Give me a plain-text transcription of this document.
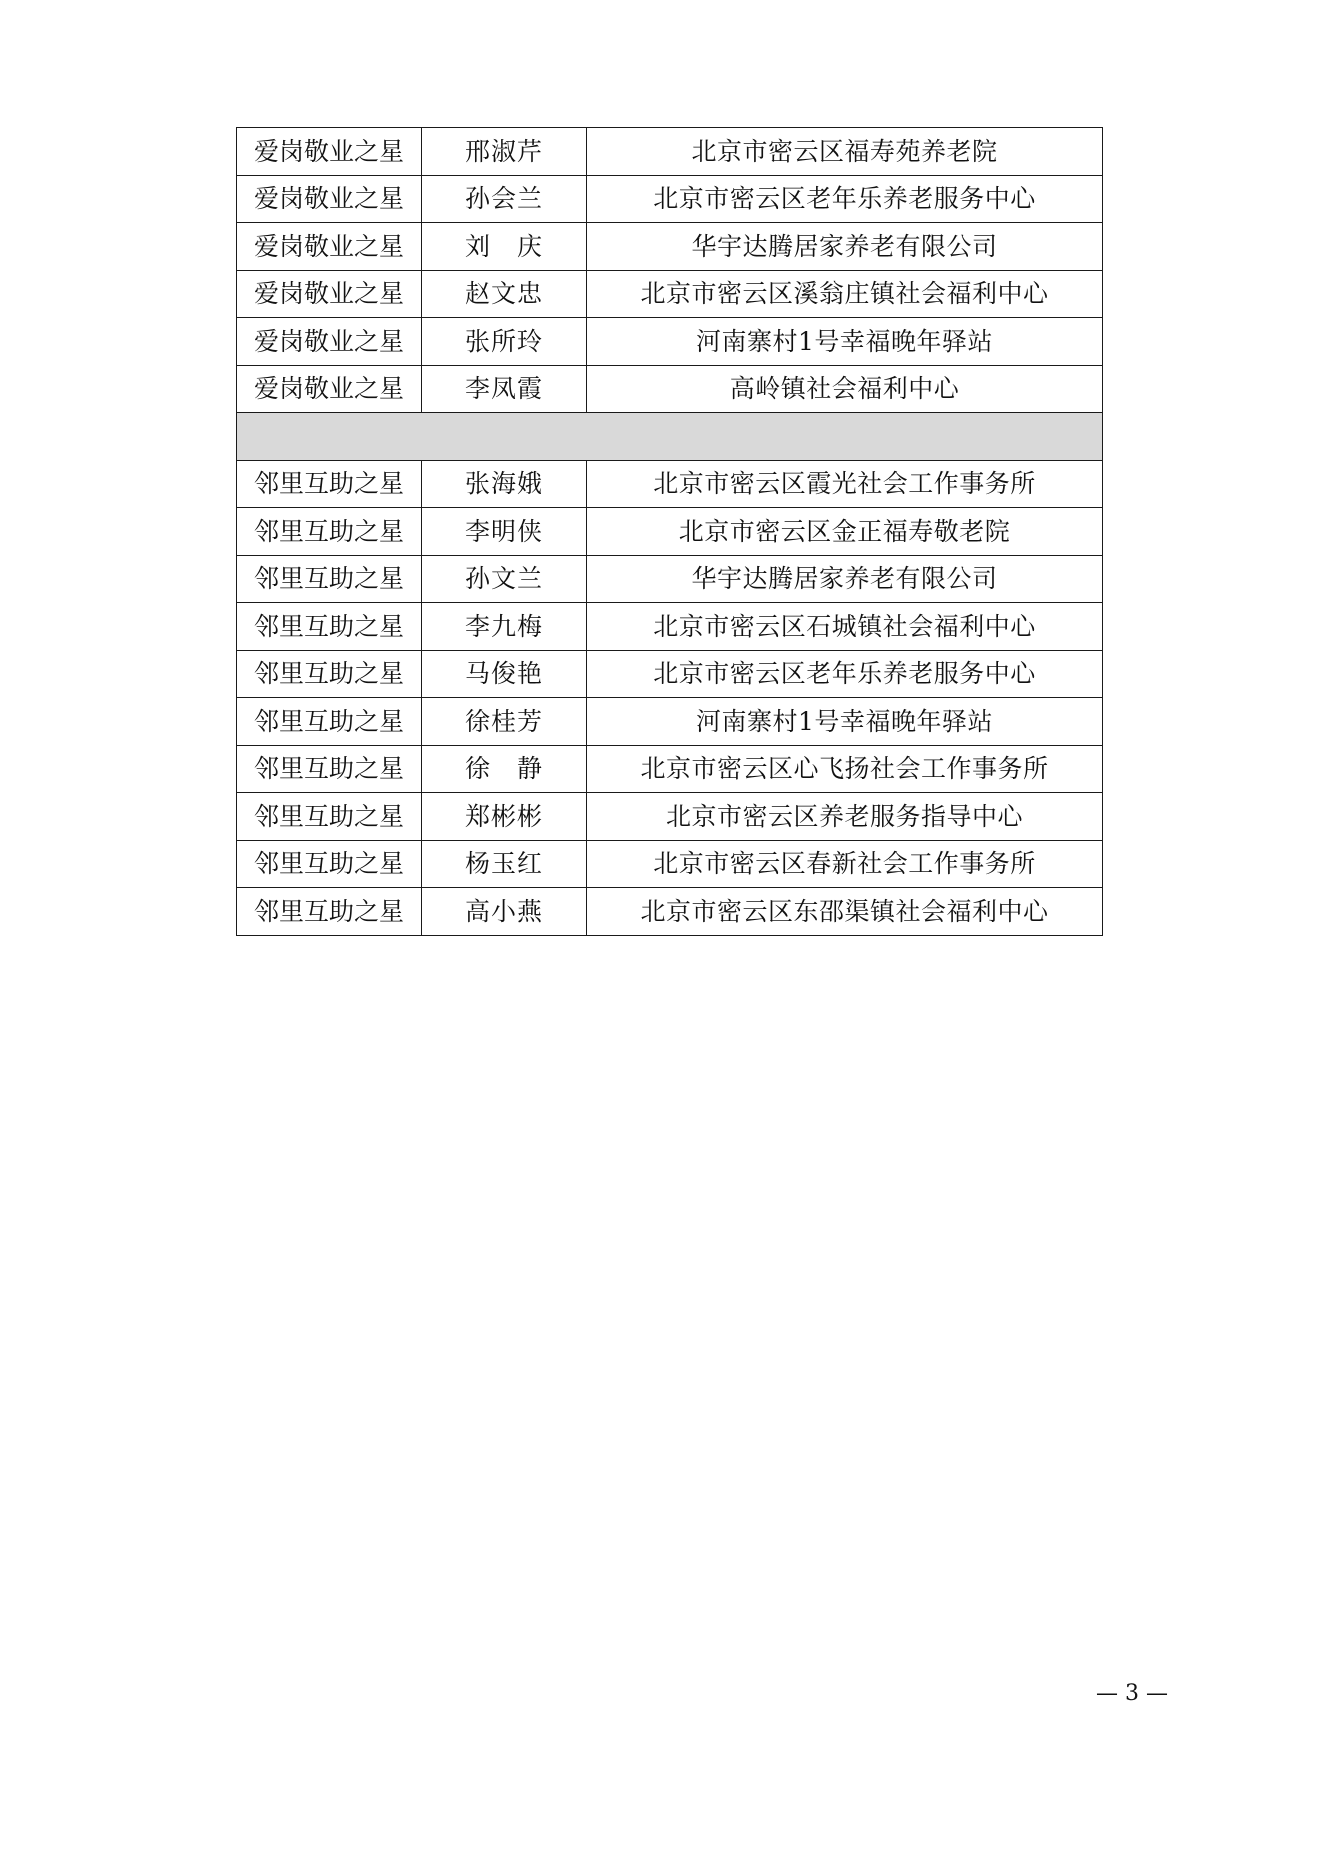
爱岗敬业之星	邢淑芹	北京市密云区福寿苑养老院
爱岗敬业之星	孙会兰	北京市密云区老年乐养老服务中心
爱岗敬业之星	刘　庆	华宇达腾居家养老有限公司
爱岗敬业之星	赵文忠	北京市密云区溪翁庄镇社会福利中心
爱岗敬业之星	张所玲	河南寨村1号幸福晚年驿站
爱岗敬业之星	李凤霞	高岭镇社会福利中心

邻里互助之星	张海娥	北京市密云区霞光社会工作事务所
邻里互助之星	李明侠	北京市密云区金正福寿敬老院
邻里互助之星	孙文兰	华宇达腾居家养老有限公司
邻里互助之星	李九梅	北京市密云区石城镇社会福利中心
邻里互助之星	马俊艳	北京市密云区老年乐养老服务中心
邻里互助之星	徐桂芳	河南寨村1号幸福晚年驿站
邻里互助之星	徐　静	北京市密云区心飞扬社会工作事务所
邻里互助之星	郑彬彬	北京市密云区养老服务指导中心
邻里互助之星	杨玉红	北京市密云区春新社会工作事务所
邻里互助之星	高小燕	北京市密云区东邵渠镇社会福利中心
— 3 —
